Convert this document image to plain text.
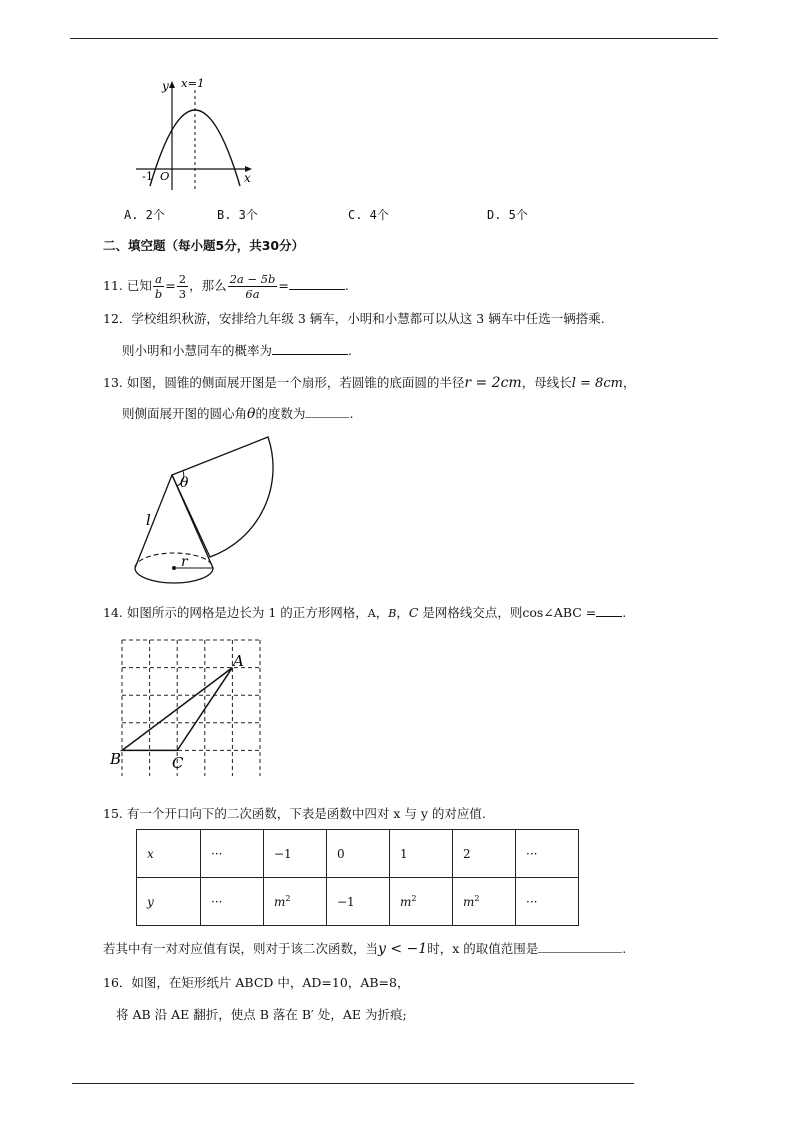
y x=1
x
-1 O
A. 2个	B. 3个	C. 4个	D. 5个
二、填空题（每小题5分，共30分）
11. 已知 $\frac{a}{b} = \frac{2}{3}$ ，那么 $\frac{2a - 5b}{6a}$ =	.
12．学校组织秋游，安排给九年级 3 辆车，小明和小慧都可以从这 3 辆车中任选一辆搭乘.
则小明和小慧同车的概率为	.
13. 如图，圆锥的侧面展开图是一个扇形，若圆锥的底面圆的半径r = 2cm，母线长l = 8cm，
则侧面展开图的圆心角θ的度数为	.
θ
l
r
14. 如图所示的网格是边长为 1 的正方形网格，A，B，C 是网格线交点，则cos∠ABC = .
A
B	C
15. 有一个开口向下的二次函数，下表是函数中四对 x 与 y 的对应值.
x	···	−1	0	1	2	···
y	···	$m^2$	−1	$m^2$	$m^2$	···
若其中有一对对应值有误，则对于该二次函数，当y < −1时，x 的取值范围是	.
16．如图，在矩形纸片 ABCD 中，AD=10，AB=8，
将 AB 沿 AE 翻折，使点 B 落在 B′ 处，AE 为折痕;
